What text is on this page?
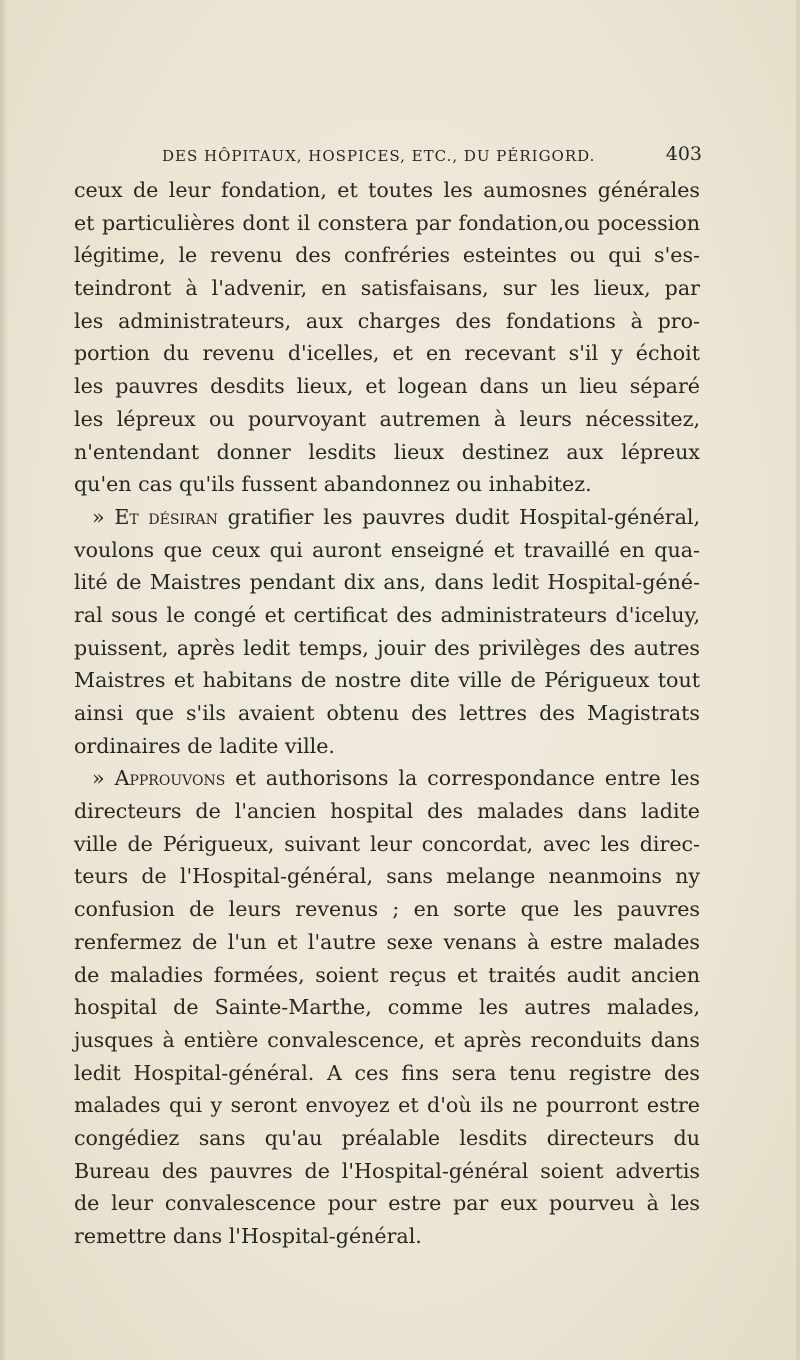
DES HÔPITAUX, HOSPICES, ETC., DU PÉRIGORD.	403
ceux de leur fondation, et toutes les aumosnes générales
et particulières dont il constera par fondation,ou pocession
légitime, le revenu des confréries esteintes ou qui s'es-
teindront à l'advenir, en satisfaisans, sur les lieux, par
les administrateurs, aux charges des fondations à pro-
portion du revenu d'icelles, et en recevant s'il y échoit
les pauvres desdits lieux, et logean dans un lieu séparé
les lépreux ou pourvoyant autremen à leurs nécessitez,
n'entendant donner lesdits lieux destinez aux lépreux
qu'en cas qu'ils fussent abandonnez ou inhabitez.
» Et désiran gratifier les pauvres dudit Hospital-général,
voulons que ceux qui auront enseigné et travaillé en qua-
lité de Maistres pendant dix ans, dans ledit Hospital-géné-
ral sous le congé et certificat des administrateurs d'iceluy,
puissent, après ledit temps, jouir des privilèges des autres
Maistres et habitans de nostre dite ville de Périgueux tout
ainsi que s'ils avaient obtenu des lettres des Magistrats
ordinaires de ladite ville.
» Approuvons et authorisons la correspondance entre les
directeurs de l'ancien hospital des malades dans ladite
ville de Périgueux, suivant leur concordat, avec les direc-
teurs de l'Hospital-général, sans melange neanmoins ny
confusion de leurs revenus ; en sorte que les pauvres
renfermez de l'un et l'autre sexe venans à estre malades
de maladies formées, soient reçus et traités audit ancien
hospital de Sainte-Marthe, comme les autres malades,
jusques à entière convalescence, et après reconduits dans
ledit Hospital-général. A ces fins sera tenu registre des
malades qui y seront envoyez et d'où ils ne pourront estre
congédiez sans qu'au préalable lesdits directeurs du
Bureau des pauvres de l'Hospital-général soient advertis
de leur convalescence pour estre par eux pourveu à les
remettre dans l'Hospital-général.
